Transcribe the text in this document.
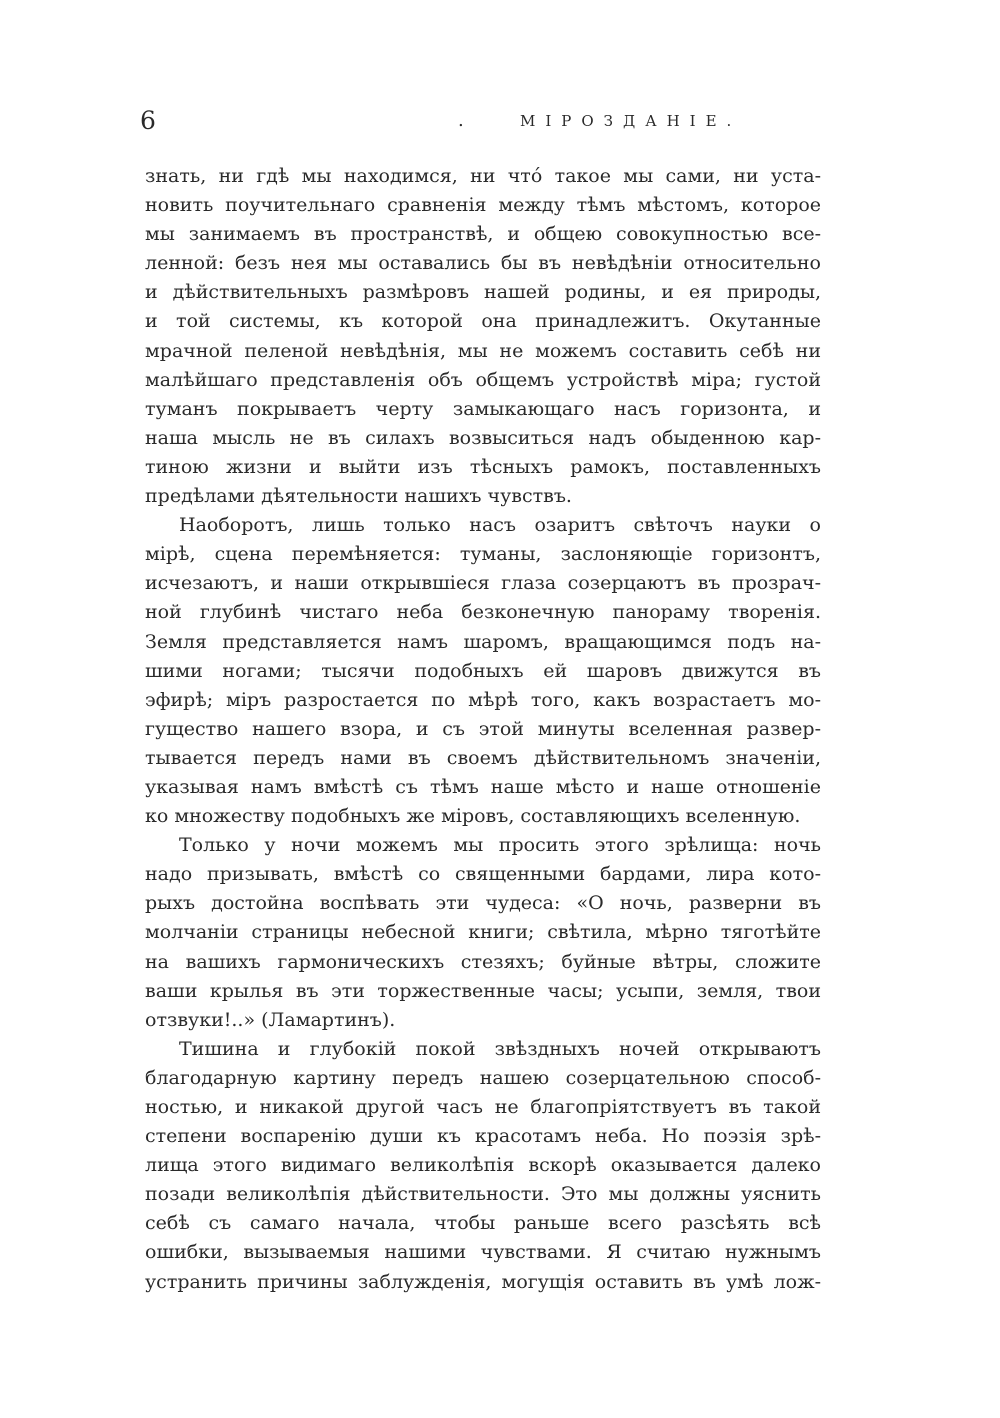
6	.	МІРОЗДАНІЕ.
знать, ни гдѣ мы находимся, ни что́ такое мы сами, ни уста-
новить поучительнаго сравненія между тѣмъ мѣстомъ, которое
мы занимаемъ въ пространствѣ, и общею совокупностью все-
ленной: безъ нея мы оставались бы въ невѣдѣніи относительно
и дѣйствительныхъ размѣровъ нашей родины, и ея природы,
и той системы, къ которой она принадлежитъ. Окутанные
мрачной пеленой невѣдѣнія, мы не можемъ составить себѣ ни
малѣйшаго представленія объ общемъ устройствѣ міра; густой
туманъ покрываетъ черту замыкающаго насъ горизонта, и
наша мысль не въ силахъ возвыситься надъ обыденною кар-
тиною жизни и выйти изъ тѣсныхъ рамокъ, поставленныхъ
предѣлами дѣятельности нашихъ чувствъ.
Наоборотъ, лишь только насъ озаритъ свѣточъ науки о
мірѣ, сцена перемѣняется: туманы, заслоняющіе горизонтъ,
исчезаютъ, и наши открывшіеся глаза созерцаютъ въ прозрач-
ной глубинѣ чистаго неба безконечную панораму творенія.
Земля представляется намъ шаромъ, вращающимся подъ на-
шими ногами; тысячи подобныхъ ей шаровъ движутся въ
эфирѣ; міръ разростается по мѣрѣ того, какъ возрастаетъ мо-
гущество нашего взора, и съ этой минуты вселенная развер-
тывается передъ нами въ своемъ дѣйствительномъ значеніи,
указывая намъ вмѣстѣ съ тѣмъ наше мѣсто и наше отношеніе
ко множеству подобныхъ же міровъ, составляющихъ вселенную.
Только у ночи можемъ мы просить этого зрѣлища: ночь
надо призывать, вмѣстѣ со священными бардами, лира кото-
рыхъ достойна воспѣвать эти чудеса: «О ночь, разверни въ
молчаніи страницы небесной книги; свѣтила, мѣрно тяготѣйте
на вашихъ гармоническихъ стезяхъ; буйные вѣтры, сложите
ваши крылья въ эти торжественные часы; усыпи, земля, твои
отзвуки!..» (Ламартинъ).
Тишина и глубокій покой звѣздныхъ ночей открываютъ
благодарную картину передъ нашею созерцательною способ-
ностью, и никакой другой часъ не благопріятствуетъ въ такой
степени воспаренію души къ красотамъ неба. Но поэзія зрѣ-
лища этого видимаго великолѣпія вскорѣ оказывается далеко
позади великолѣпія дѣйствительности. Это мы должны уяснить
себѣ съ самаго начала, чтобы раньше всего разсѣять всѣ
ошибки, вызываемыя нашими чувствами. Я считаю нужнымъ
устранить причины заблужденія, могущія оставить въ умѣ лож-
